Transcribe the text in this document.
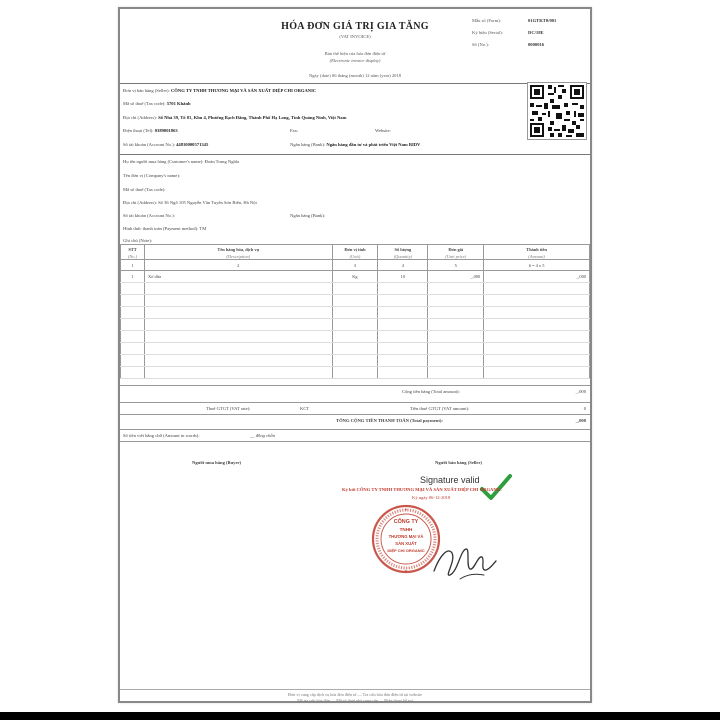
HÓA ĐƠN GIÁ TRỊ GIA TĂNG
(VAT INVOICE)
Bản thể hiện của hóa đơn điện tử
(Electronic invoice display)
Ngày (date) 06 tháng (month) 12 năm (year) 2018
Mẫu số (Form):	01GTKT0/001
Ký hiệu (Serial):	DC/18E
Số (No.):	0000016
Đơn vị bán hàng (Seller): CÔNG TY TNHH THƯƠNG MẠI VÀ SẢN XUẤT DIỆP CHI ORGANIC
Mã số thuế (Tax code): 5701 Khánh
Địa chỉ (Address): Số Nhà 39, Tổ 81, Khu 4, Phường Bạch Đằng, Thành Phố Hạ Long, Tỉnh Quảng Ninh, Việt Nam
Điện thoại (Tel): 0389001863	Fax:	Website:
Số tài khoản (Account No.): 44810000571345	Ngân hàng (Bank): Ngân hàng đầu tư và phát triển Việt Nam BIDV
Họ tên người mua hàng (Customer's name): Đoàn Trung Nghĩa
Tên đơn vị (Company's name):
Mã số thuế (Tax code):
Địa chỉ (Address): Số 36 Ngõ 105 Nguyễn Văn Tuyên Sơn Biên, Hà Nội
Số tài khoản (Account No.):	Ngân hàng (Bank):
Hình thức thanh toán (Payment method): TM
Ghi chú (Note):
STT	Tên hàng hóa, dịch vụ	Đơn vị tính	Số lượng	Đơn giá	Thành tiền
(No.)	(Description)	(Unit)	(Quantity)	(Unit price)	(Amount)
1	2	3	4	5	6 = 4 x 5
1	Xơ dừa	Kg	10	_,000	_,000

Cộng tiền hàng (Total amount):	_,000
Thuế GTGT (VAT rate):	KCT	Tiền thuế GTGT (VAT amount):	0
TỔNG CỘNG TIỀN THANH TOÁN (Total payment):	_,000
Số tiền viết bằng chữ (Amount in words):	__ đồng chẵn
Người mua hàng (Buyer)	Người bán hàng (Seller)
Signature valid
Ký bởi CÔNG TY TNHH THƯƠNG MẠI VÀ SẢN XUẤT DIỆP CHI ORGANIC
Ký ngày 06-12-2018
★
★
CÔNG TY
TNHH
THƯƠNG MẠI VÀ
SẢN XUẤT
DIỆP CHI ORGANIC
Đơn vị cung cấp dịch vụ hóa đơn điện tử — Tra cứu hóa đơn điện tử tại website
Mã tra cứu hóa đơn — Mã số thuế nhà cung cấp — Điện thoại hỗ trợ
